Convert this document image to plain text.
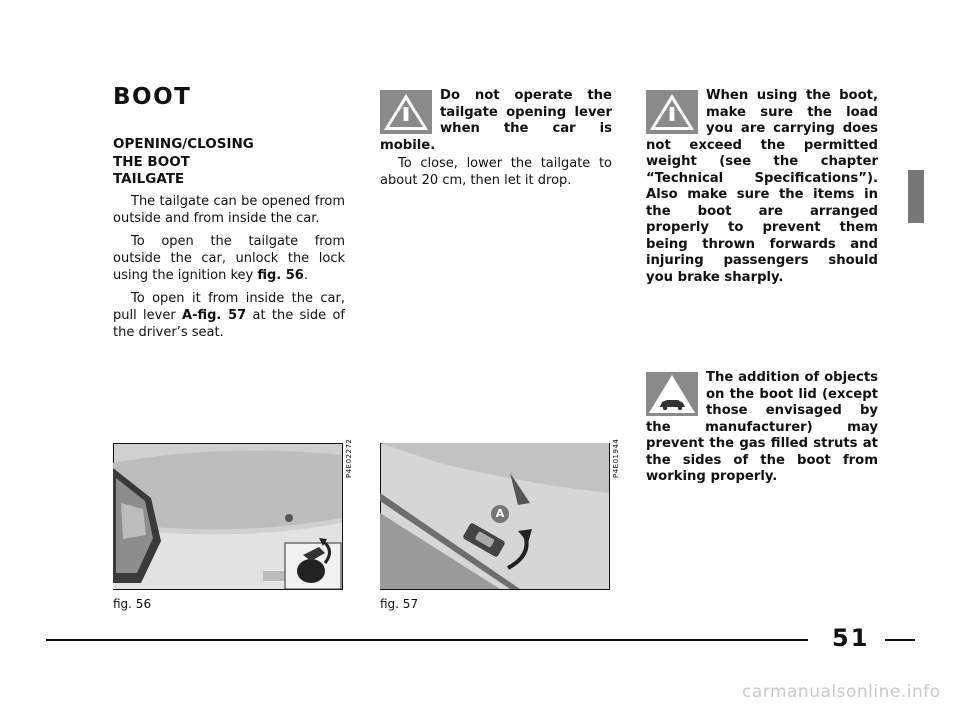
BOOT
OPENING/CLOSING
THE BOOT
TAILGATE

The tailgate can be opened from outside and from inside the car.

To open the tailgate from outside the car, unlock the lock using the ignition key fig. 56.

To open it from inside the car, pull lever A-fig. 57 at the side of the driver’s seat.

Do not operate the tailgate opening lever when the car is mobile.

To close, lower the tailgate to about 20 cm, then let it drop.

When using the boot, make sure the load you are carrying does not exceed the permitted weight (see the chapter “Technical Specifications”). Also make sure the items in the boot are arranged properly to prevent them being thrown forwards and injuring passengers should you brake sharply.

The addition of objects on the boot lid (except those envisaged by the manufacturer) may prevent the gas filled struts at the sides of the boot from working properly.

P4E02272
fig. 56
A
P4E01944
fig. 57
51
carmanualsonline.info
